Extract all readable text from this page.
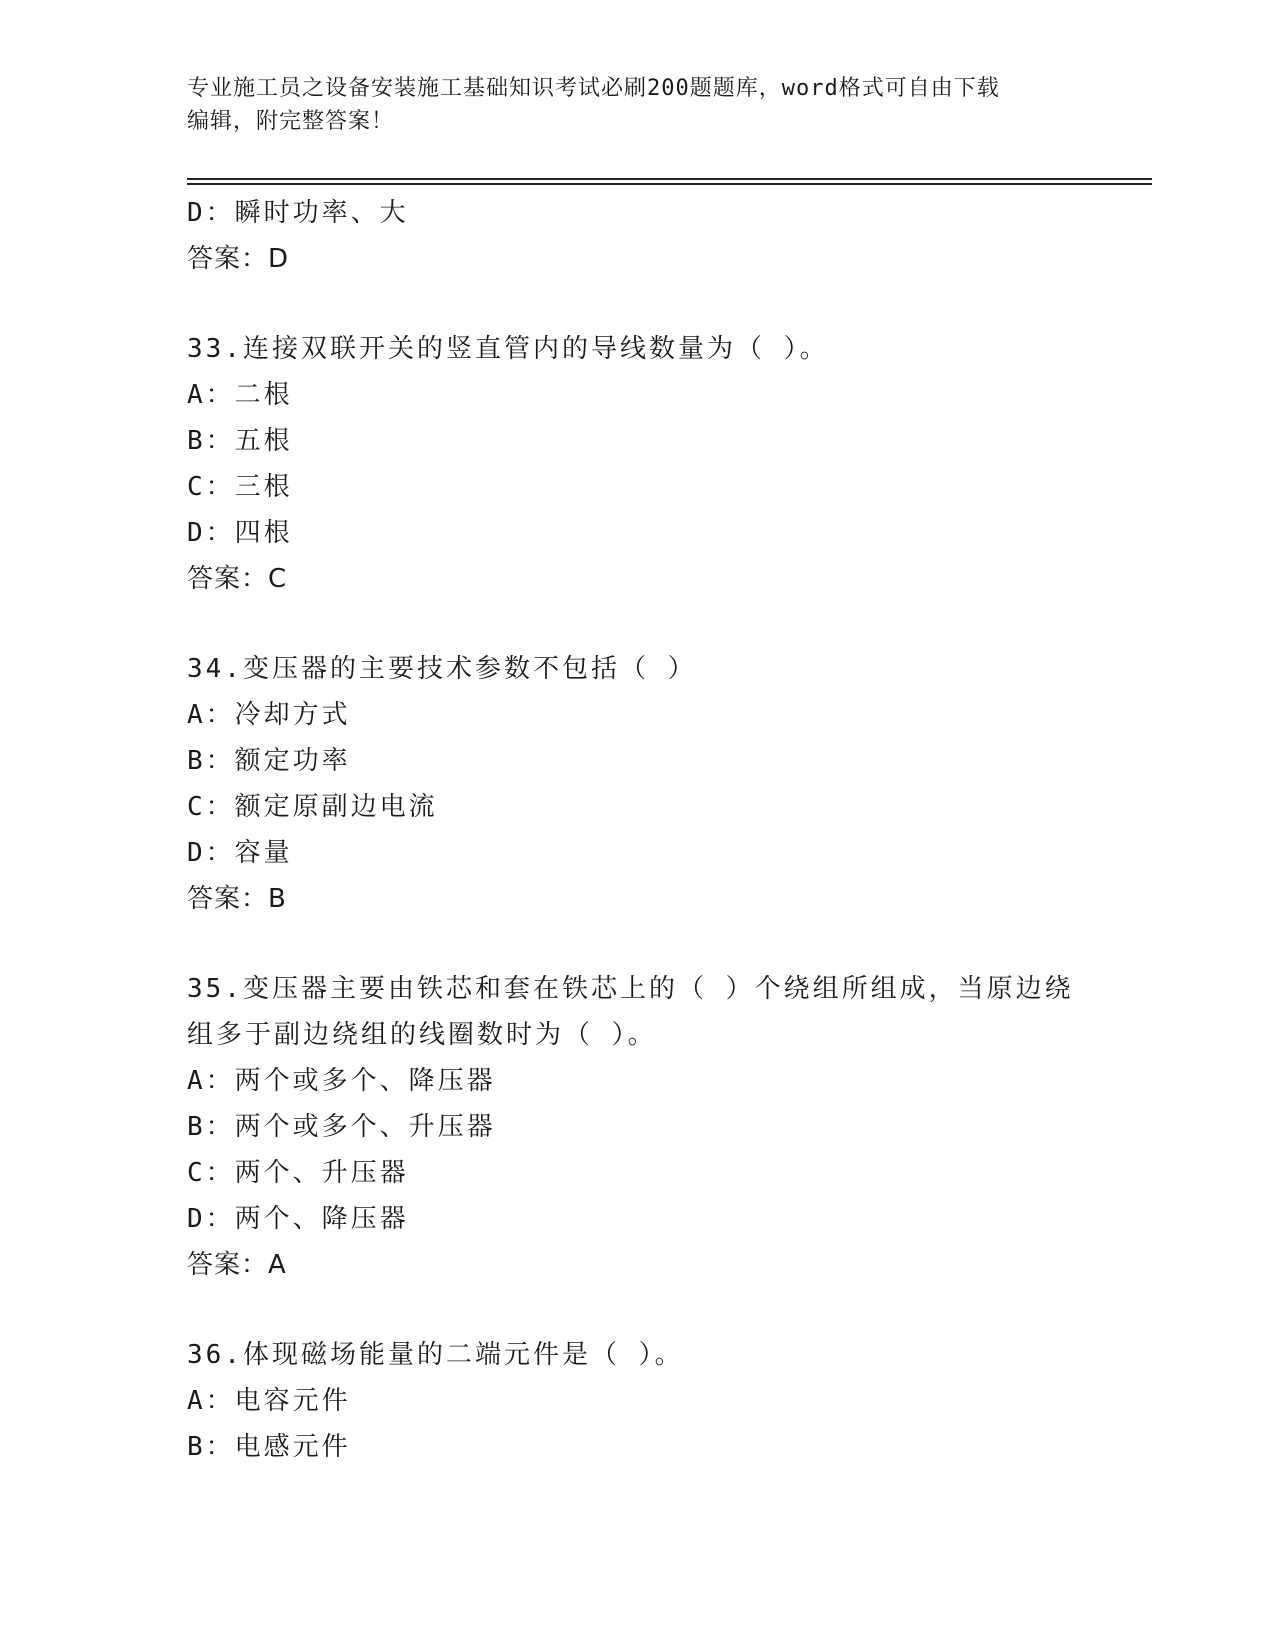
专业施工员之设备安装施工基础知识考试必刷200题题库，word格式可自由下载
编辑，附完整答案！
D：瞬时功率、大
答案：D
33.连接双联开关的竖直管内的导线数量为（ ）。
A：二根
B：五根
C：三根
D：四根
答案：C
34.变压器的主要技术参数不包括（ ）
A：冷却方式
B：额定功率
C：额定原副边电流
D：容量
答案：B
35.变压器主要由铁芯和套在铁芯上的（ ）个绕组所组成，当原边绕
组多于副边绕组的线圈数时为（ ）。
A：两个或多个、降压器
B：两个或多个、升压器
C：两个、升压器
D：两个、降压器
答案：A
36.体现磁场能量的二端元件是（ ）。
A：电容元件
B：电感元件
